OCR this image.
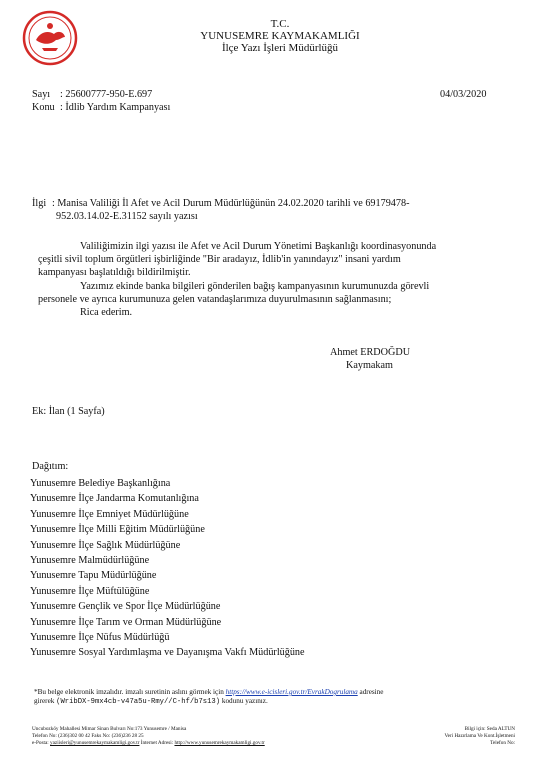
T.C.
YUNUSEMRE KAYMAKAMLIĞI
İlçe Yazı İşleri Müdürlüğü
Sayı : 25600777-950-E.697	04/03/2020
Konu : İdlib Yardım Kampanyası
İlgi : Manisa Valiliği İl Afet ve Acil Durum Müdürlüğünün 24.02.2020 tarihli ve 69179478-
952.03.14.02-E.31152 sayılı yazısı
Valiliğimizin ilgi yazısı ile Afet ve Acil Durum Yönetimi Başkanlığı koordinasyonunda
çeşitli sivil toplum örgütleri işbirliğinde "Bir aradayız, İdlib'in yanındayız" insani yardım
kampanyası başlatıldığı bildirilmiştir.
Yazımız ekinde banka bilgileri gönderilen bağış kampanyasının kurumunuzda görevli
personele ve ayrıca kurumunuza gelen vatandaşlarımıza duyurulmasının sağlanmasını;
Rica ederim.
Ahmet ERDOĞDU
Kaymakam
Ek: İlan (1 Sayfa)
Dağıtım:
Yunusemre Belediye Başkanlığına
Yunusemre İlçe Jandarma Komutanlığına
Yunusemre İlçe Emniyet Müdürlüğüne
Yunusemre İlçe Milli Eğitim Müdürlüğüne
Yunusemre İlçe Sağlık Müdürlüğüne
Yunusemre Malmüdürlüğüne
Yunusemre Tapu Müdürlüğüne
Yunusemre İlçe Müftülüğüne
Yunusemre Gençlik ve Spor İlçe Müdürlüğüne
Yunusemre İlçe Tarım ve Orman Müdürlüğüne
Yunusemre İlçe Nüfus Müdürlüğü
Yunusemre Sosyal Yardımlaşma ve Dayanışma Vakfı Müdürlüğüne
*Bu belge elektronik imzalıdır. imzalı suretinin aslını görmek için https://www.e-icisleri.gov.tr/EvrakDogrulama adresine
girerek (WribDX-9mx4cb-v47a5u-Rmy//C-hf/b7s13) kodunu yazınız.
Uncubozköy Mahallesi Mimar Sinan Bulvarı No:173 Yunusemre / Manisa
Telefon No: (236)302 00 42 Faks No: (236)236 28 25
e-Posta: yaziisleri@yunusemrekaymakamligi.gov.tr İnternet Adresi: http://www.yunusemrekaymakamligi.gov.tr
Bilgi için: Seda ALTUN
Veri Hazırlama Ve Kont.İşletmeni
Telefon No:
